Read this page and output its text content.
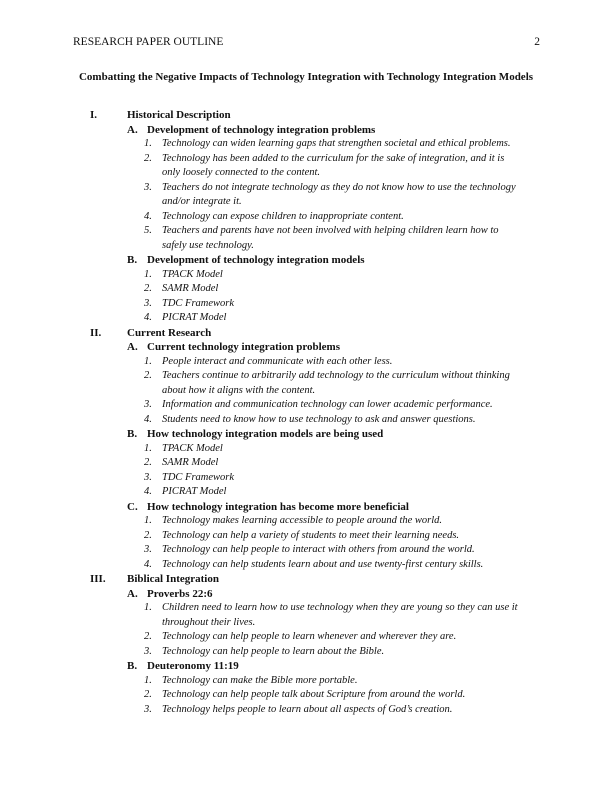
RESEARCH PAPER OUTLINE	2
Combatting the Negative Impacts of Technology Integration with Technology Integration Models
I.	Historical Description
A. Development of technology integration problems
1. Technology can widen learning gaps that strengthen societal and ethical problems.
2. Technology has been added to the curriculum for the sake of integration, and it is only loosely connected to the content.
3. Teachers do not integrate technology as they do not know how to use the technology and/or integrate it.
4. Technology can expose children to inappropriate content.
5. Teachers and parents have not been involved with helping children learn how to safely use technology.
B. Development of technology integration models
1. TPACK Model
2. SAMR Model
3. TDC Framework
4. PICRAT Model
II. Current Research
A. Current technology integration problems
1. People interact and communicate with each other less.
2. Teachers continue to arbitrarily add technology to the curriculum without thinking about how it aligns with the content.
3. Information and communication technology can lower academic performance.
4. Students need to know how to use technology to ask and answer questions.
B. How technology integration models are being used
1. TPACK Model
2. SAMR Model
3. TDC Framework
4. PICRAT Model
C. How technology integration has become more beneficial
1. Technology makes learning accessible to people around the world.
2. Technology can help a variety of students to meet their learning needs.
3. Technology can help people to interact with others from around the world.
4. Technology can help students learn about and use twenty-first century skills.
III. Biblical Integration
A. Proverbs 22:6
1. Children need to learn how to use technology when they are young so they can use it throughout their lives.
2. Technology can help people to learn whenever and wherever they are.
3. Technology can help people to learn about the Bible.
B. Deuteronomy 11:19
1. Technology can make the Bible more portable.
2. Technology can help people talk about Scripture from around the world.
3. Technology helps people to learn about all aspects of God’s creation.
